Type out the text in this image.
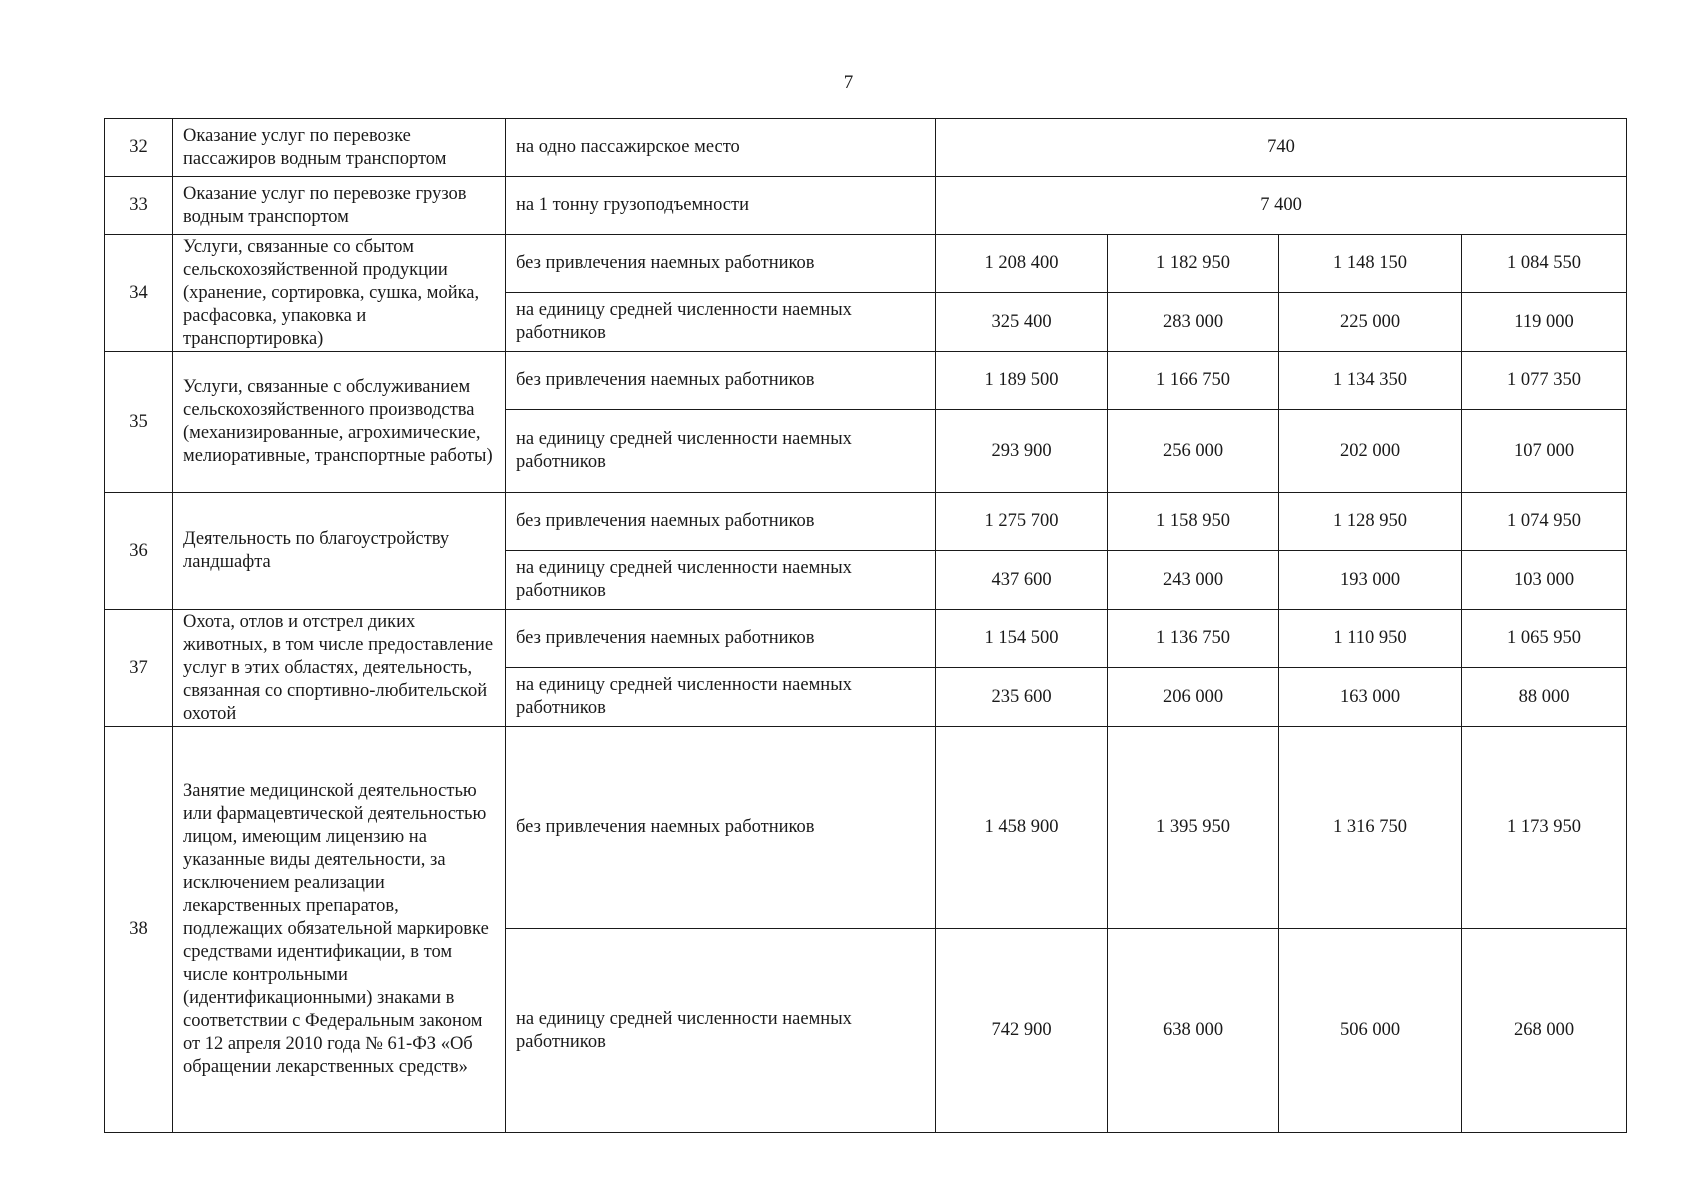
7
32	Оказание услуг по перевозке пассажиров водным транспортом	на одно пассажирское место	740			
33	Оказание услуг по перевозке грузов водным транспортом	на 1 тонну грузоподъемности	7 400			
34	Услуги, связанные со сбытом сельскохозяйственной продукции (хранение, сортировка, сушка, мойка, расфасовка, упаковка и транспортировка)	без привлечения наемных работников	1 208 400	1 182 950	1 148 150	1 084 550
		на единицу средней численности наемных работников	325 400	283 000	225 000	119 000
35	Услуги, связанные с обслуживанием сельскохозяйственного производства (механизированные, агрохимические, мелиоративные, транспортные работы)	без привлечения наемных работников	1 189 500	1 166 750	1 134 350	1 077 350
		на единицу средней численности наемных работников	293 900	256 000	202 000	107 000
36	Деятельность по благоустройству ландшафта	без привлечения наемных работников	1 275 700	1 158 950	1 128 950	1 074 950
		на единицу средней численности наемных работников	437 600	243 000	193 000	103 000
37	Охота, отлов и отстрел диких животных, в том числе предоставление услуг в этих областях, деятельность, связанная со спортивно-любительской охотой	без привлечения наемных работников	1 154 500	1 136 750	1 110 950	1 065 950
		на единицу средней численности наемных работников	235 600	206 000	163 000	88 000
38	Занятие медицинской деятельностью или фармацевтической деятельностью лицом, имеющим лицензию на указанные виды деятельности, за исключением реализации лекарственных препаратов, подлежащих обязательной маркировке средствами идентификации, в том числе контрольными (идентификационными) знаками в соответствии с Федеральным законом от 12 апреля 2010 года № 61-ФЗ «Об обращении лекарственных средств»	без привлечения наемных работников	1 458 900	1 395 950	1 316 750	1 173 950
		на единицу средней численности наемных работников	742 900	638 000	506 000	268 000
